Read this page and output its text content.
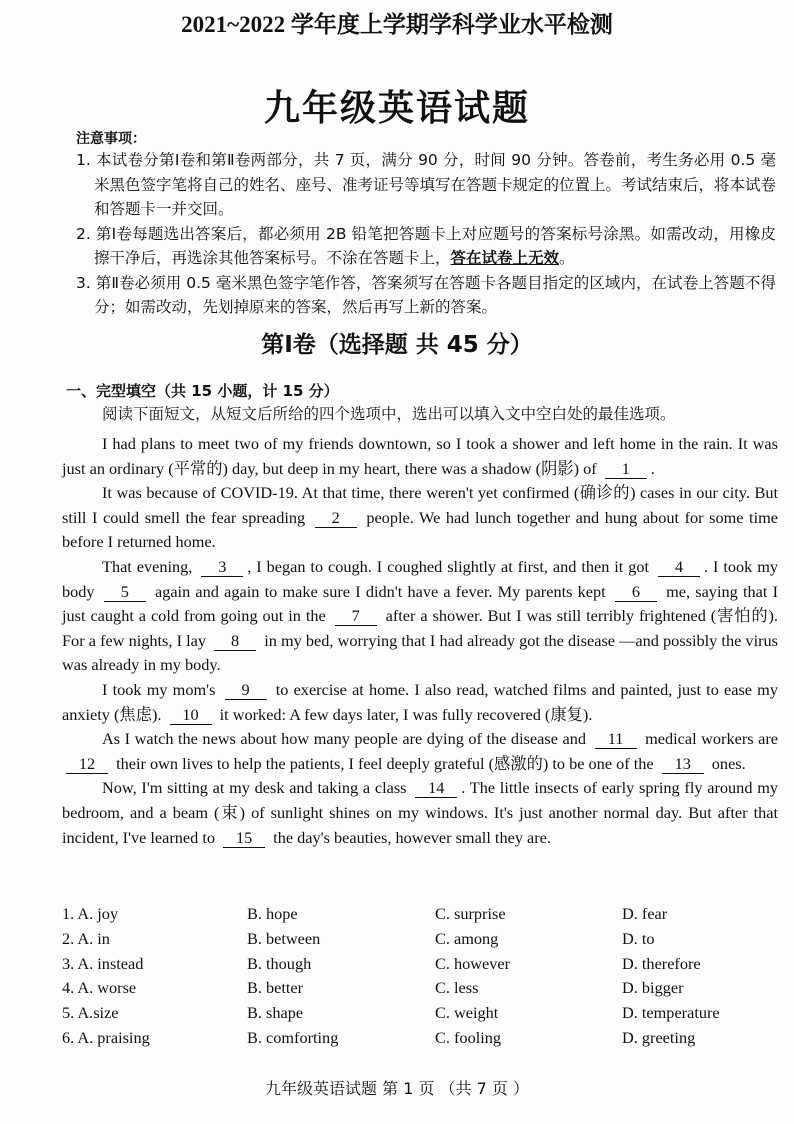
2021~2022 学年度上学期学科学业水平检测
九年级英语试题
注意事项：
1. 本试卷分第Ⅰ卷和第Ⅱ卷两部分，共 7 页，满分 90 分，时间 90 分钟。答卷前，考生务必用 0.5 毫米黑色签字笔将自己的姓名、座号、准考证号等填写在答题卡规定的位置上。考试结束后，将本试卷和答题卡一并交回。
2. 第Ⅰ卷每题选出答案后，都必须用 2B 铅笔把答题卡上对应题号的答案标号涂黑。如需改动，用橡皮擦干净后，再选涂其他答案标号。不涂在答题卡上，答在试卷上无效。
3. 第Ⅱ卷必须用 0.5 毫米黑色签字笔作答，答案须写在答题卡各题目指定的区域内，在试卷上答题不得分；如需改动，先划掉原来的答案，然后再写上新的答案。
第Ⅰ卷（选择题 共 45 分）
一、完型填空（共 15 小题，计 15 分）
阅读下面短文，从短文后所给的四个选项中，选出可以填入文中空白处的最佳选项。

I had plans to meet two of my friends downtown, so I took a shower and left home in the rain. It was just an ordinary (平常的) day, but deep in my heart, there was a shadow (阴影) of 1 .

It was because of COVID-19. At that time, there weren't yet confirmed (确诊的) cases in our city. But still I could smell the fear spreading 2 people. We had lunch together and hung about for some time before I returned home.

That evening, 3 , I began to cough. I coughed slightly at first, and then it got 4 . I took my body 5 again and again to make sure I didn't have a fever. My parents kept 6 me, saying that I just caught a cold from going out in the 7 after a shower. But I was still terribly frightened (害怕的). For a few nights, I lay 8 in my bed, worrying that I had already got the disease —and possibly the virus was already in my body.

I took my mom's 9 to exercise at home. I also read, watched films and painted, just to ease my anxiety (焦虑). 10 it worked: A few days later, I was fully recovered (康复).

As I watch the news about how many people are dying of the disease and 11 medical workers are 12 their own lives to help the patients, I feel deeply grateful (感激的) to be one of the 13 ones.

Now, I'm sitting at my desk and taking a class 14 . The little insects of early spring fly around my bedroom, and a beam (束) of sunlight shines on my windows. It's just another normal day. But after that incident, I've learned to 15 the day's beauties, however small they are.

1. A. joy	B. hope	C. surprise	D. fear
2. A. in	B. between	C. among	D. to
3. A. instead	B. though	C. however	D. therefore
4. A. worse	B. better	C. less	D. bigger
5. A.size	B. shape	C. weight	D. temperature
6. A. praising	B. comforting	C. fooling	D. greeting
九年级英语试题 第 1 页 （共 7 页 ）
